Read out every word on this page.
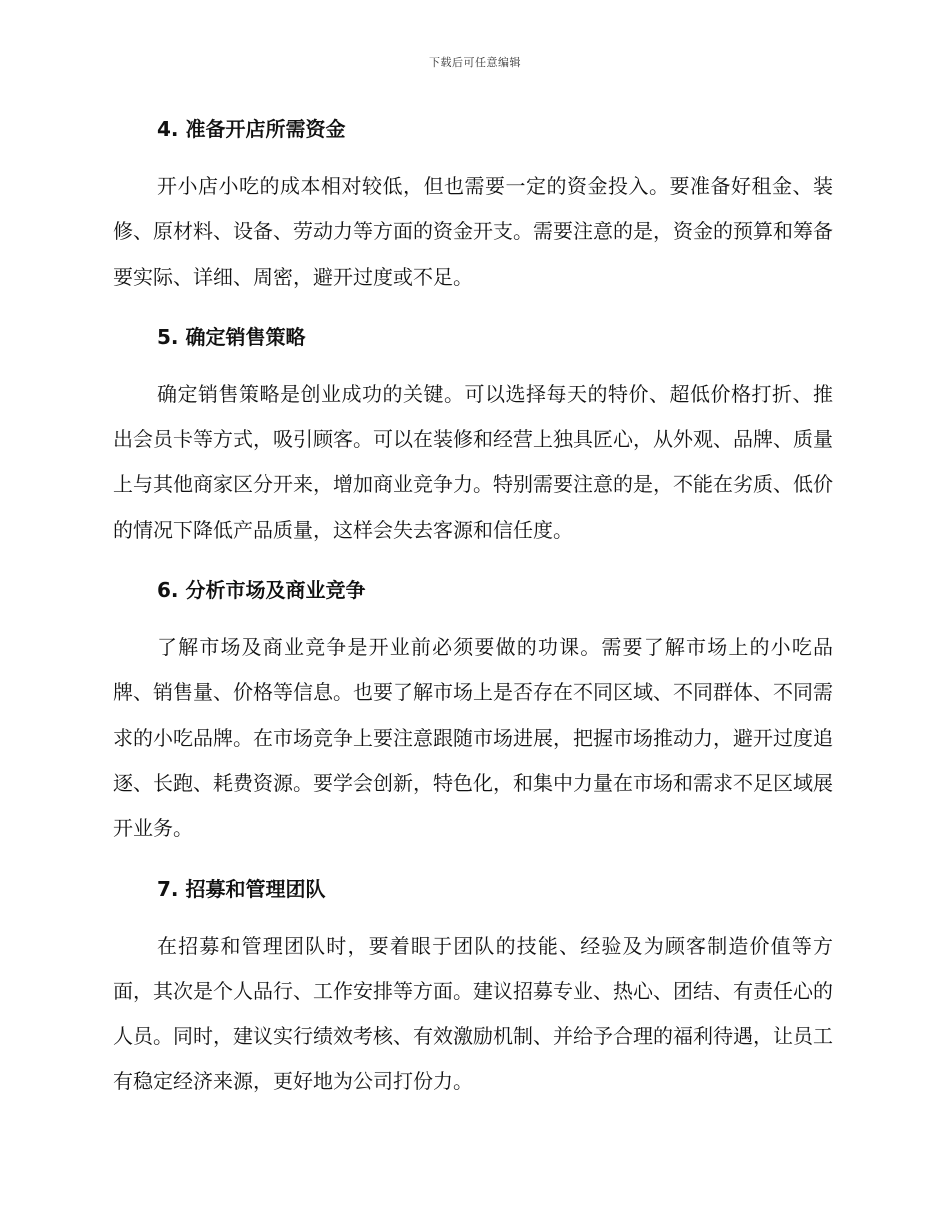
下载后可任意编辑
4. 准备开店所需资金

开小店小吃的成本相对较低，但也需要一定的资金投入。要准备好租金、装修、原材料、设备、劳动力等方面的资金开支。需要注意的是，资金的预算和筹备要实际、详细、周密，避开过度或不足。

5. 确定销售策略

确定销售策略是创业成功的关键。可以选择每天的特价、超低价格打折、推出会员卡等方式，吸引顾客。可以在装修和经营上独具匠心，从外观、品牌、质量上与其他商家区分开来，增加商业竞争力。特别需要注意的是，不能在劣质、低价的情况下降低产品质量，这样会失去客源和信任度。

6. 分析市场及商业竞争

了解市场及商业竞争是开业前必须要做的功课。需要了解市场上的小吃品牌、销售量、价格等信息。也要了解市场上是否存在不同区域、不同群体、不同需求的小吃品牌。在市场竞争上要注意跟随市场进展，把握市场推动力，避开过度追逐、长跑、耗费资源。要学会创新，特色化，和集中力量在市场和需求不足区域展开业务。

7. 招募和管理团队

在招募和管理团队时，要着眼于团队的技能、经验及为顾客制造价值等方面，其次是个人品行、工作安排等方面。建议招募专业、热心、团结、有责任心的人员。同时，建议实行绩效考核、有效激励机制、并给予合理的福利待遇，让员工有稳定经济来源，更好地为公司打份力。
